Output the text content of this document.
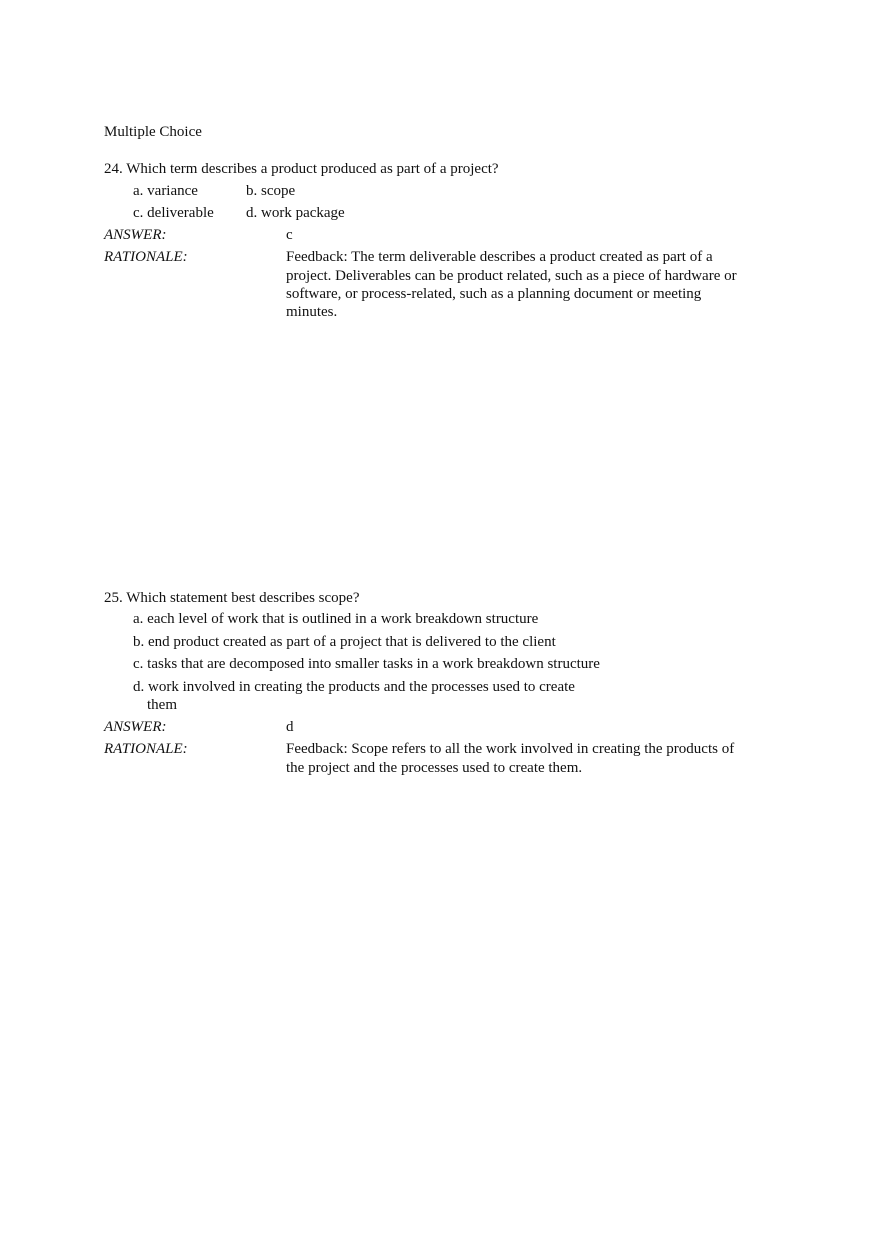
Multiple Choice
24. Which term describes a product produced as part of a project?
a. variance	b. scope
c. deliverable d. work package
ANSWER:	c
RATIONALE:	Feedback: The term deliverable describes a product created as part of a
project. Deliverables can be product related, such as a piece of hardware or
software, or process-related, such as a planning document or meeting
minutes.
25. Which statement best describes scope?
a. each level of work that is outlined in a work breakdown structure
b. end product created as part of a project that is delivered to the client
c. tasks that are decomposed into smaller tasks in a work breakdown structure
d. work involved in creating the products and the processes used to create
them
ANSWER:	d
RATIONALE:	Feedback: Scope refers to all the work involved in creating the products of
the project and the processes used to create them.
